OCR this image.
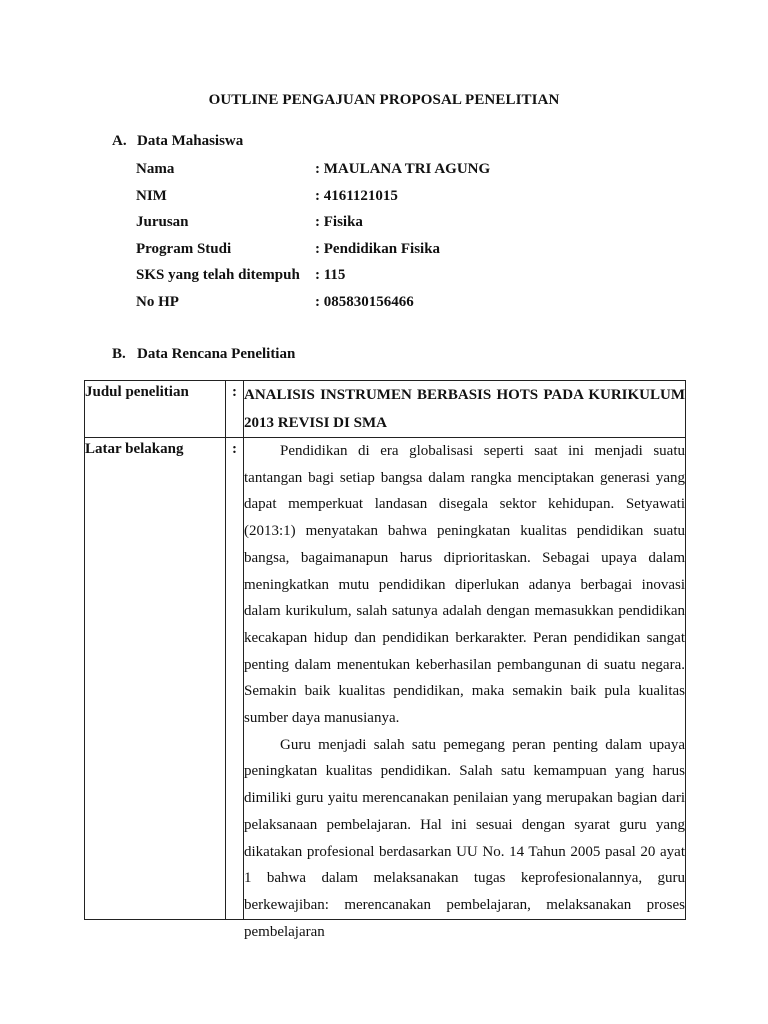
OUTLINE PENGAJUAN PROPOSAL PENELITIAN
A. Data Mahasiswa
Nama	: MAULANA TRI AGUNG
NIM	: 4161121015
Jurusan	: Fisika
Program Studi	: Pendidikan Fisika
SKS yang telah ditempuh : 115
No HP	: 085830156466
B. Data Rencana Penelitian
Judul penelitian	:	ANALISIS INSTRUMEN BERBASIS HOTS PADA KURIKULUM 2013 REVISI DI SMA

Latar belakang	:	Pendidikan di era globalisasi seperti saat ini menjadi suatu tantangan bagi setiap bangsa dalam rangka menciptakan generasi yang dapat memperkuat landasan disegala sektor kehidupan. Setyawati (2013:1) menyatakan bahwa peningkatan kualitas pendidikan suatu bangsa, bagaimanapun harus diprioritaskan. Sebagai upaya dalam meningkatkan mutu pendidikan diperlukan adanya berbagai inovasi dalam kurikulum, salah satunya adalah dengan memasukkan pendidikan kecakapan hidup dan pendidikan berkarakter. Peran pendidikan sangat penting dalam menentukan keberhasilan pembangunan di suatu negara. Semakin baik kualitas pendidikan, maka semakin baik pula kualitas sumber daya manusianya.

Guru menjadi salah satu pemegang peran penting dalam upaya peningkatan kualitas pendidikan. Salah satu kemampuan yang harus dimiliki guru yaitu merencanakan penilaian yang merupakan bagian dari pelaksanaan pembelajaran. Hal ini sesuai dengan syarat guru yang dikatakan profesional berdasarkan UU No. 14 Tahun 2005 pasal 20 ayat 1 bahwa dalam melaksanakan tugas keprofesionalannya, guru berkewajiban: merencanakan pembelajaran, melaksanakan proses pembelajaran
